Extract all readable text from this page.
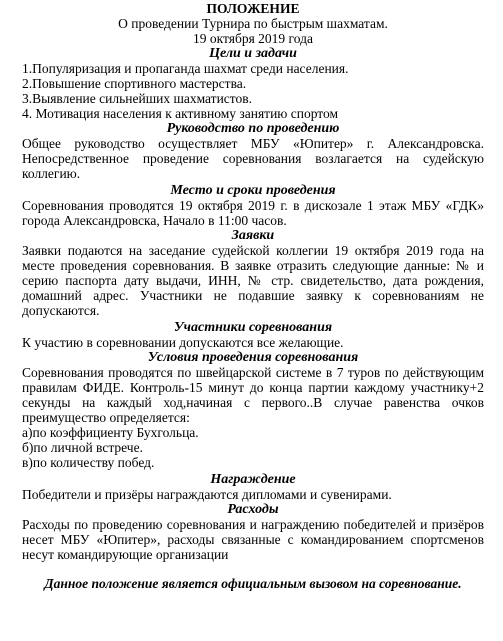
ПОЛОЖЕНИЕ
О проведении Турнира по быстрым шахматам.
19 октября 2019 года
Цели и задачи
1.Популяризация и пропаганда шахмат среди населения.
2.Повышение спортивного мастерства.
3.Выявление сильнейших шахматистов.
4. Мотивация населения к активному занятию спортом
Руководство по проведению
Общее руководство осуществляет МБУ «Юпитер» г. Александровска. Непосредственное проведение соревнования возлагается на судейскую коллегию.
Место и сроки проведения
Соревнования проводятся 19 октября 2019 г. в дискозале 1 этаж МБУ «ГДК» города Александровска, Начало в 11:00 часов.
Заявки
Заявки подаются на заседание судейской коллегии 19 октября 2019 года на месте проведения соревнования. В заявке отразить следующие данные: № и серию паспорта дату выдачи, ИНН, № стр. свидетельство, дата рождения, домашний адрес. Участники не подавшие заявку к соревнованиям не допускаются.
Участники соревнования
К участию в соревновании допускаются все желающие.
Условия проведения соревнования
Соревнования проводятся по швейцарской системе в 7 туров по действующим правилам ФИДЕ. Контроль-15 минут до конца партии каждому участнику+2 секунды на каждый ход,начиная с первого..В случае равенства очков преимущество определяется:
а)по коэффициенту Бухгольца.
б)по личной встрече.
в)по количеству побед.
Награждение
Победители и призёры награждаются дипломами и сувенирами.
Расходы
Расходы по проведению соревнования и награждению победителей и призёров несет МБУ «Юпитер», расходы связанные с командированием спортсменов несут командирующие организации
Данное положение является официальным вызовом на соревнование.
